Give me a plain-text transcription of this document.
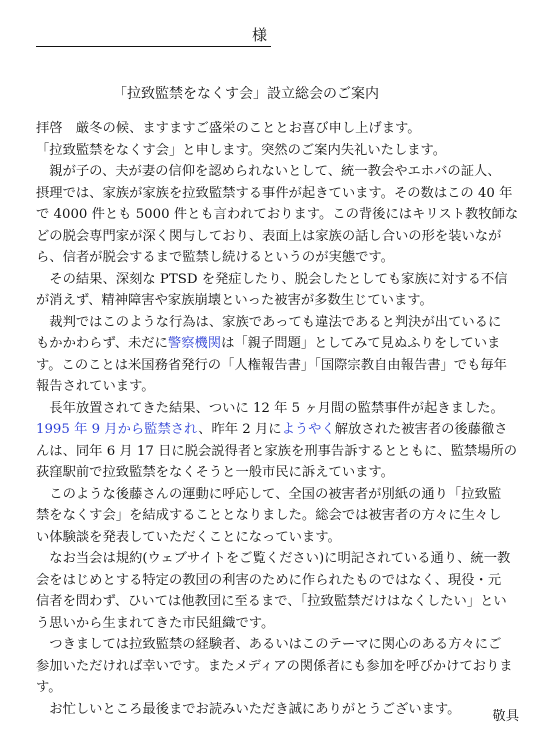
様
「拉致監禁をなくす会」設立総会のご案内
拝啓　厳冬の候、ますますご盛栄のこととお喜び申し上げます。
「拉致監禁をなくす会」と申します。突然のご案内失礼いたします。
　親が子の、夫が妻の信仰を認められないとして、統一教会やエホバの証人、
摂理では、家族が家族を拉致監禁する事件が起きています。その数はこの 40 年
で 4000 件とも 5000 件とも言われております。この背後にはキリスト教牧師な
どの脱会専門家が深く関与しており、表面上は家族の話し合いの形を装いなが
ら、信者が脱会するまで監禁し続けるというのが実態です。
　その結果、深刻な PTSD を発症したり、脱会したとしても家族に対する不信
が消えず、精神障害や家族崩壊といった被害が多数生じています。
　裁判ではこのような行為は、家族であっても違法であると判決が出ているに
もかかわらず、未だに警察機関は「親子問題」としてみて見ぬふりをしていま
す。このことは米国務省発行の「人権報告書」「国際宗教自由報告書」でも毎年
報告されています。
　長年放置されてきた結果、ついに 12 年 5 ヶ月間の監禁事件が起きました。
1995 年 9 月から監禁され、昨年 2 月にようやく解放された被害者の後藤徹さ
んは、同年 6 月 17 日に脱会説得者と家族を刑事告訴するとともに、監禁場所の
荻窪駅前で拉致監禁をなくそうと一般市民に訴えています。
　このような後藤さんの運動に呼応して、全国の被害者が別紙の通り「拉致監
禁をなくす会」を結成することとなりました。総会では被害者の方々に生々し
い体験談を発表していただくことになっています。
　なお当会は規約(ウェブサイトをご覧ください)に明記されている通り、統一教
会をはじめとする特定の教団の利害のために作られたものではなく、現役・元
信者を問わず、ひいては他教団に至るまで、「拉致監禁だけはなくしたい」とい
う思いから生まれてきた市民組織です。
　つきましては拉致監禁の経験者、あるいはこのテーマに関心のある方々にご
参加いただければ幸いです。またメディアの関係者にも参加を呼びかけておりま
す。
　お忙しいところ最後までお読みいただき誠にありがとうございます。	敬具
